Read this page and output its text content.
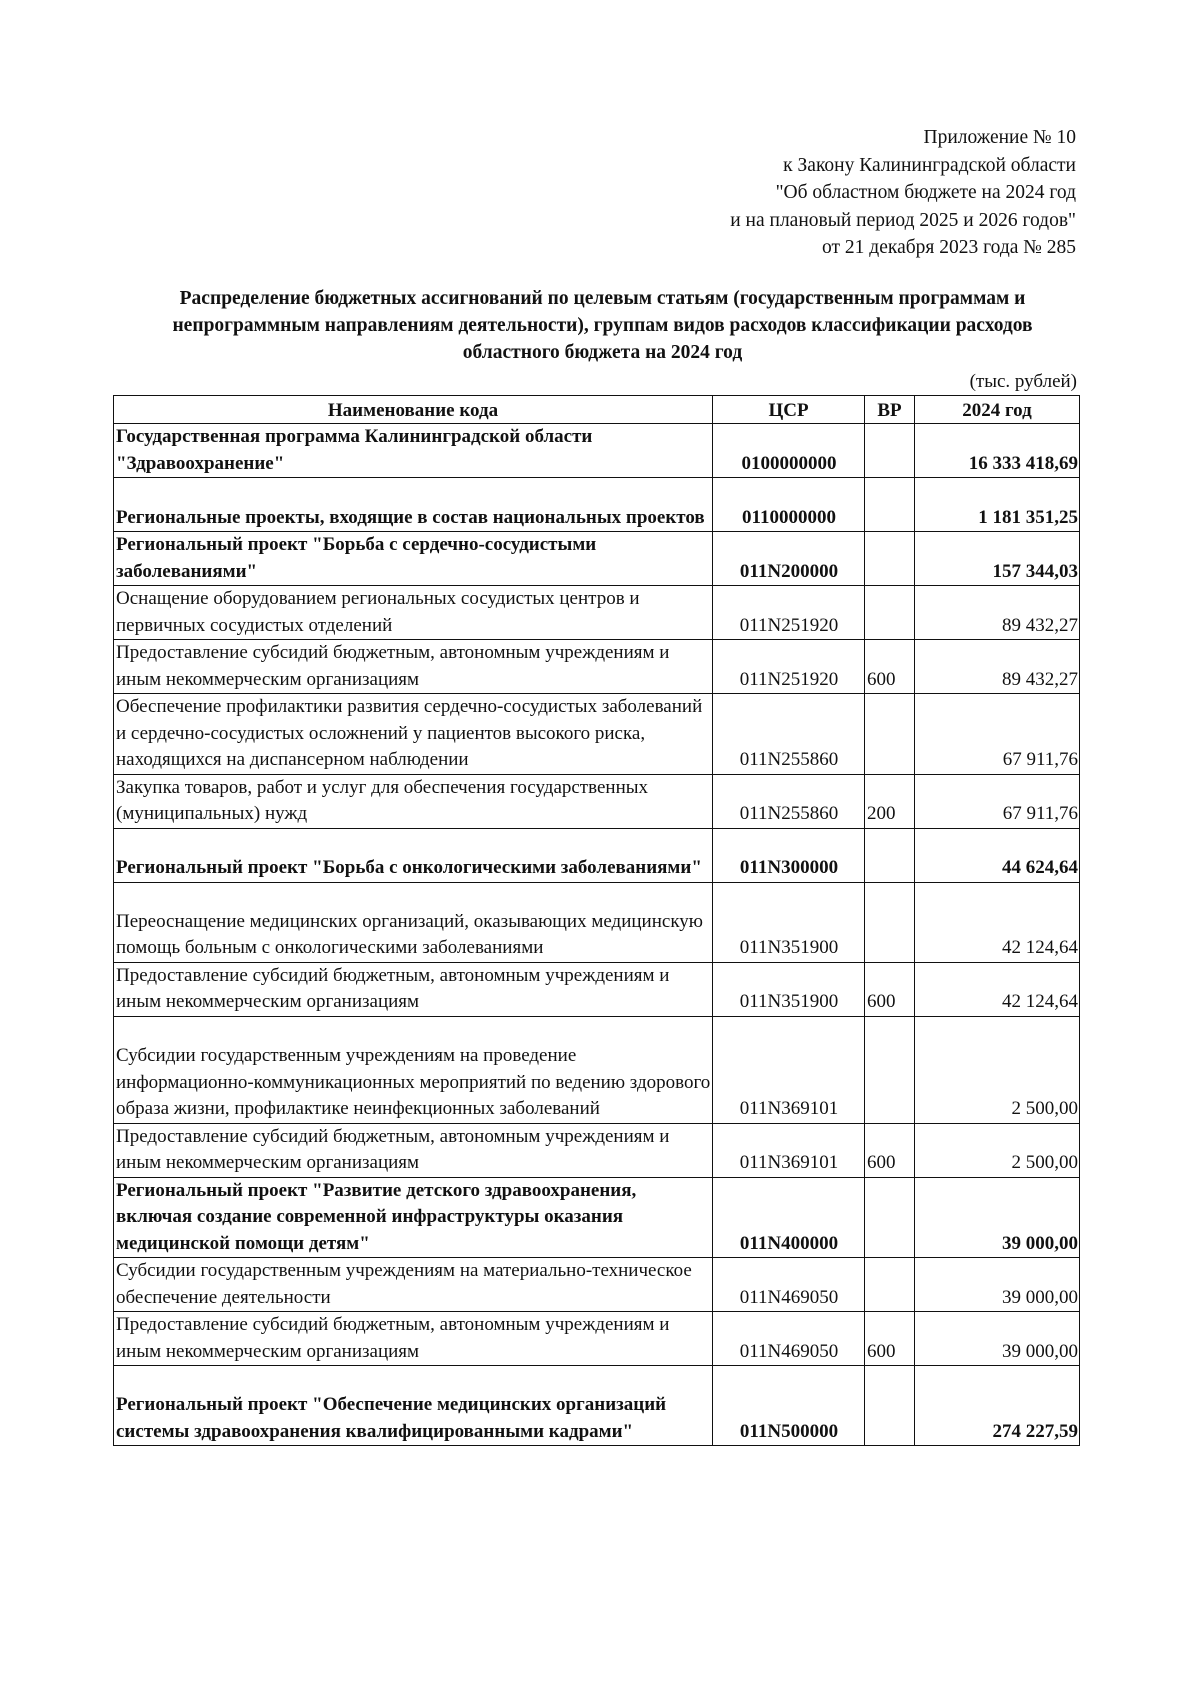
Приложение № 10
к Закону Калининградской области
"Об областном бюджете на 2024 год
и на плановый период 2025 и 2026 годов"
от 21 декабря 2023 года № 285
Распределение бюджетных ассигнований по целевым статьям (государственным программам и
непрограммным направлениям деятельности), группам видов расходов классификации расходов
областного бюджета на 2024 год
(тыс. рублей)
Наименование кода	ЦСР	ВР	2024 год
Государственная программа Калининградской области "Здравоохранение"	0100000000		16 333 418,69
Региональные проекты, входящие в состав национальных проектов	0110000000		1 181 351,25
Региональный проект "Борьба с сердечно-сосудистыми заболеваниями"	011N200000		157 344,03
Оснащение оборудованием региональных сосудистых центров и первичных сосудистых отделений	011N251920		89 432,27
Предоставление субсидий бюджетным, автономным учреждениям и иным некоммерческим организациям	011N251920	600	89 432,27
Обеспечение профилактики развития сердечно-сосудистых заболеваний и сердечно-сосудистых осложнений у пациентов высокого риска, находящихся на диспансерном наблюдении	011N255860		67 911,76
Закупка товаров, работ и услуг для обеспечения государственных (муниципальных) нужд	011N255860	200	67 911,76
Региональный проект "Борьба с онкологическими заболеваниями"	011N300000		44 624,64
Переоснащение медицинских организаций, оказывающих медицинскую помощь больным с онкологическими заболеваниями	011N351900		42 124,64
Предоставление субсидий бюджетным, автономным учреждениям и иным некоммерческим организациям	011N351900	600	42 124,64
Субсидии государственным учреждениям на проведение информационно-коммуникационных мероприятий по ведению здорового образа жизни, профилактике неинфекционных заболеваний	011N369101		2 500,00
Предоставление субсидий бюджетным, автономным учреждениям и иным некоммерческим организациям	011N369101	600	2 500,00
Региональный проект "Развитие детского здравоохранения, включая создание современной инфраструктуры оказания медицинской помощи детям"	011N400000		39 000,00
Субсидии государственным учреждениям на материально-техническое обеспечение деятельности	011N469050		39 000,00
Предоставление субсидий бюджетным, автономным учреждениям и иным некоммерческим организациям	011N469050	600	39 000,00
Региональный проект "Обеспечение медицинских организаций системы здравоохранения квалифицированными кадрами"	011N500000		274 227,59
